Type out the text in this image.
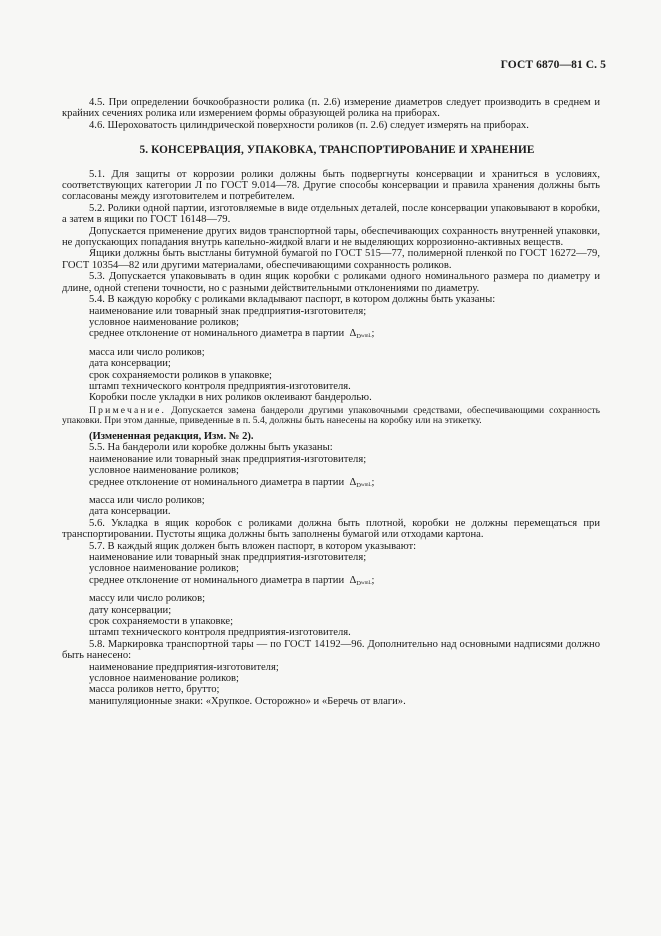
ГОСТ 6870—81 С. 5

4.5. При определении бочкообразности ролика (п. 2.6) измерение диаметров следует производить в среднем и крайних сечениях ролика или измерением формы образующей ролика на приборах.

4.6. Шероховатость цилиндрической поверхности роликов (п. 2.6) следует измерять на приборах.

5. КОНСЕРВАЦИЯ, УПАКОВКА, ТРАНСПОРТИРОВАНИЕ И ХРАНЕНИЕ

5.1. Для защиты от коррозии ролики должны быть подвергнуты консервации и храниться в условиях, соответствующих категории Л по ГОСТ 9.014—78. Другие способы консервации и правила хранения должны быть согласованы между изготовителем и потребителем.

5.2. Ролики одной партии, изготовляемые в виде отдельных деталей, после консервации упаковывают в коробки, а затем в ящики по ГОСТ 16148—79.

Допускается применение других видов транспортной тары, обеспечивающих сохранность внутренней упаковки, не допускающих попадания внутрь капельно-жидкой влаги и не выделяющих коррозионно-активных веществ.

Ящики должны быть выстланы битумной бумагой по ГОСТ 515—77, полимерной пленкой по ГОСТ 16272—79, ГОСТ 10354—82 или другими материалами, обеспечивающими сохранность роликов.

5.3. Допускается упаковывать в один ящик коробки с роликами одного номинального размера по диаметру и длине, одной степени точности, но с разными действительными отклонениями по диаметру.

5.4. В каждую коробку с роликами вкладывают паспорт, в котором должны быть указаны:

наименование или товарный знак предприятия-изготовителя;

условное наименование роликов;

среднее отклонение от номинального диаметра в партии $\Delta_DwmL$;

масса или число роликов;

дата консервации;

срок сохраняемости роликов в упаковке;

штамп технического контроля предприятия-изготовителя.

Коробки после укладки в них роликов оклеивают бандеролью.

Примечание. Допускается замена бандероли другими упаковочными средствами, обеспечивающими сохранность упаковки. При этом данные, приведенные в п. 5.4, должны быть нанесены на коробку или на этикетку.

(Измененная редакция, Изм. № 2).

5.5. На бандероли или коробке должны быть указаны:

наименование или товарный знак предприятия-изготовителя;

условное наименование роликов;

среднее отклонение от номинального диаметра в партии $\Delta_DwmL$;

масса или число роликов;

дата консервации.

5.6. Укладка в ящик коробок с роликами должна быть плотной, коробки не должны перемещаться при транспортировании. Пустоты ящика должны быть заполнены бумагой или отходами картона.

5.7. В каждый ящик должен быть вложен паспорт, в котором указывают:

наименование или товарный знак предприятия-изготовителя;

условное наименование роликов;

среднее отклонение от номинального диаметра в партии $\Delta_DwmL$;

массу или число роликов;

дату консервации;

срок сохраняемости в упаковке;

штамп технического контроля предприятия-изготовителя.

5.8. Маркировка транспортной тары — по ГОСТ 14192—96. Дополнительно над основными надписями должно быть нанесено:

наименование предприятия-изготовителя;

условное наименование роликов;

масса роликов нетто, брутто;

манипуляционные знаки: «Хрупкое. Осторожно» и «Беречь от влаги».
